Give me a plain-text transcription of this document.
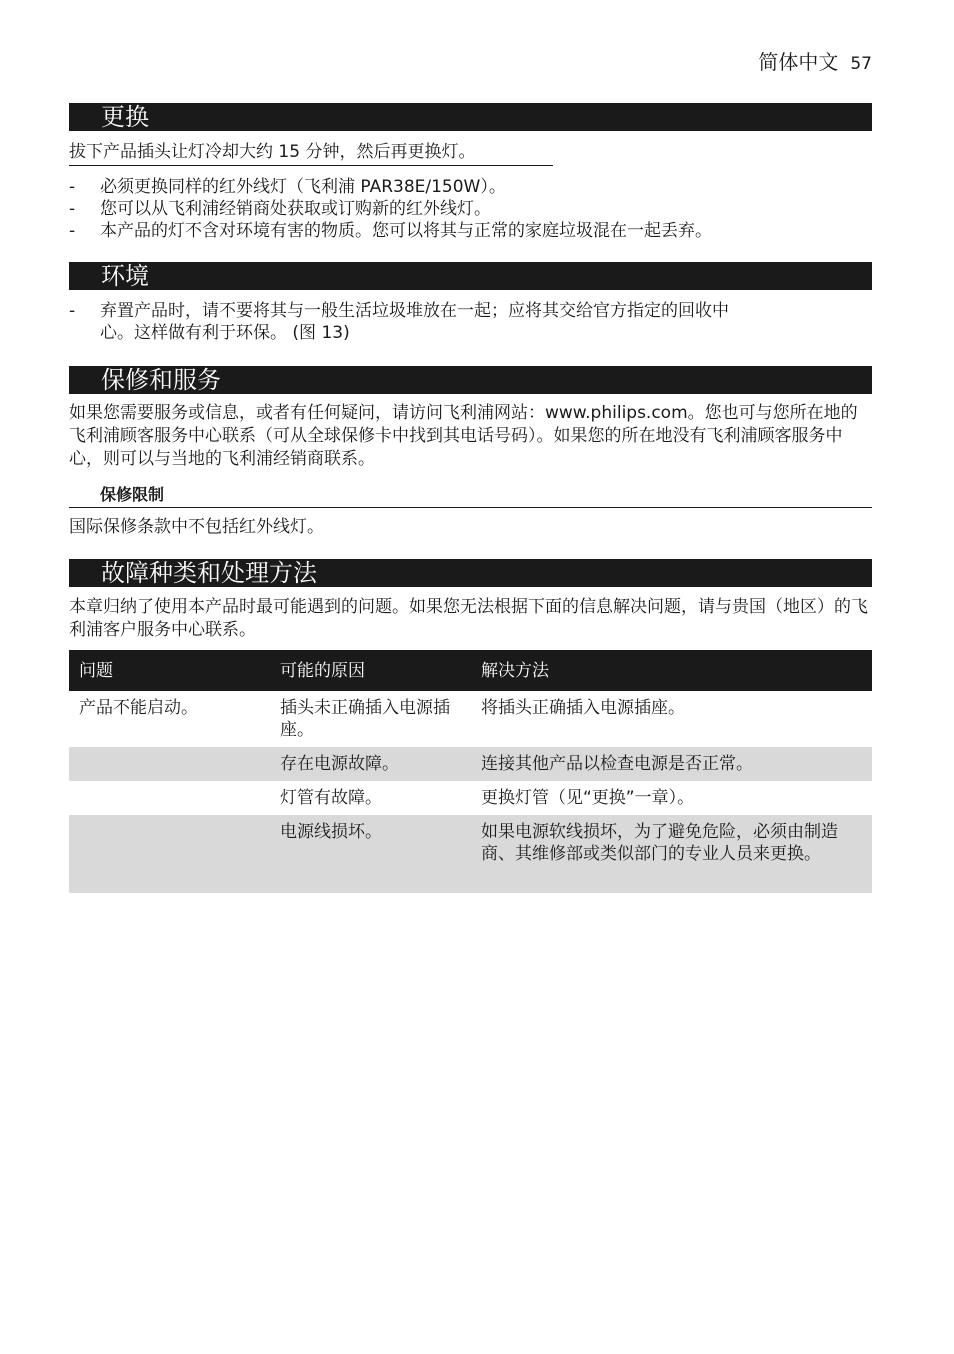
简体中文 57
更换
拔下产品插头让灯冷却大约 15 分钟，然后再更换灯。
- 必须更换同样的红外线灯（飞利浦 PAR38E/150W）。
- 您可以从飞利浦经销商处获取或订购新的红外线灯。
- 本产品的灯不含对环境有害的物质。您可以将其与正常的家庭垃圾混在一起丢弃。
环境
- 弃置产品时，请不要将其与一般生活垃圾堆放在一起；应将其交给官方指定的回收中
心。这样做有利于环保。 (图 13)
保修和服务
如果您需要服务或信息，或者有任何疑问，请访问飞利浦网站：www.philips.com。您也可与您所在地的飞利浦顾客服务中心联系（可从全球保修卡中找到其电话号码）。如果您的所在地没有飞利浦顾客服务中心，则可以与当地的飞利浦经销商联系。
保修限制
国际保修条款中不包括红外线灯。
故障种类和处理方法
本章归纳了使用本产品时最可能遇到的问题。如果您无法根据下面的信息解决问题，请与贵国（地区）的飞利浦客户服务中心联系。
问题	可能的原因	解决方法
产品不能启动。	插头未正确插入电源插座。	将插头正确插入电源插座。
	存在电源故障。	连接其他产品以检查电源是否正常。
	灯管有故障。	更换灯管（见“更换”一章）。
	电源线损坏。	如果电源软线损坏，为了避免危险，必须由制造商、其维修部或类似部门的专业人员来更换。
